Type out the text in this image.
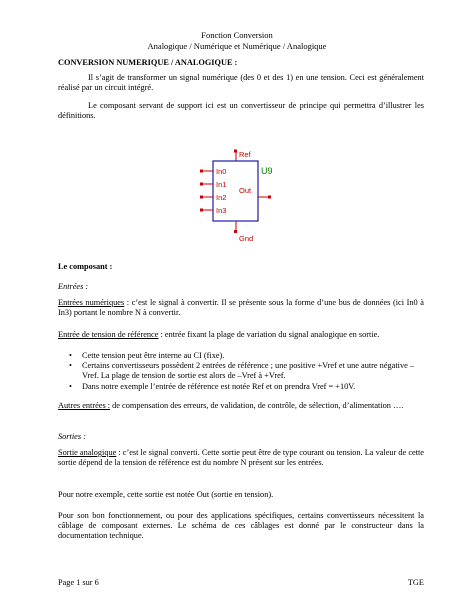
Fonction Conversion
Analogique / Numérique et Numérique / Analogique
CONVERSION NUMERIQUE / ANALOGIQUE :

Il s’agit de transformer un signal numérique (des 0 et des 1) en une tension. Ceci est généralement réalisé par un circuit intégré.

Le composant servant de support ici est un convertisseur de principe qui permettra d’illustrer les définitions.

Ref
In0
In1
In2
In3
Out
Gnd
U9
Le composant :
Entrées :

Entrées numériques : c’est le signal à convertir. Il se présente sous la forme d’une bus de données (ici In0 à In3) portant le nombre N à convertir.

Entrée de tension de référence : entrée fixant la plage de variation du signal analogique en sortie.

• Cette tension peut être interne au CI (fixe).
• Certains convertisseurs possèdent 2 entrées de référence ; une positive +Vref et une autre négative –Vref. La plage de tension de sortie est alors de –Vref à +Vref.
• Dans notre exemple l’entrée de référence est notée Ref et on prendra Vref = +10V.

Autres entrées : de compensation des erreurs, de validation, de contrôle, de sélection, d’alimentation ….

Sorties :

Sortie analogique : c’est le signal converti. Cette sortie peut être de type courant ou tension. La valeur de cette sortie dépend de la tension de référence est du nombre N présent sur les entrées.

Pour notre exemple, cette sortie est notée Out (sortie en tension).

Pour son bon fonctionnement, ou pour des applications spécifiques, certains convertisseurs nécessitent la câblage de composant externes. Le schéma de ces câblages est donné par le constructeur dans la documentation technique.

Page 1 sur 6	TGE
